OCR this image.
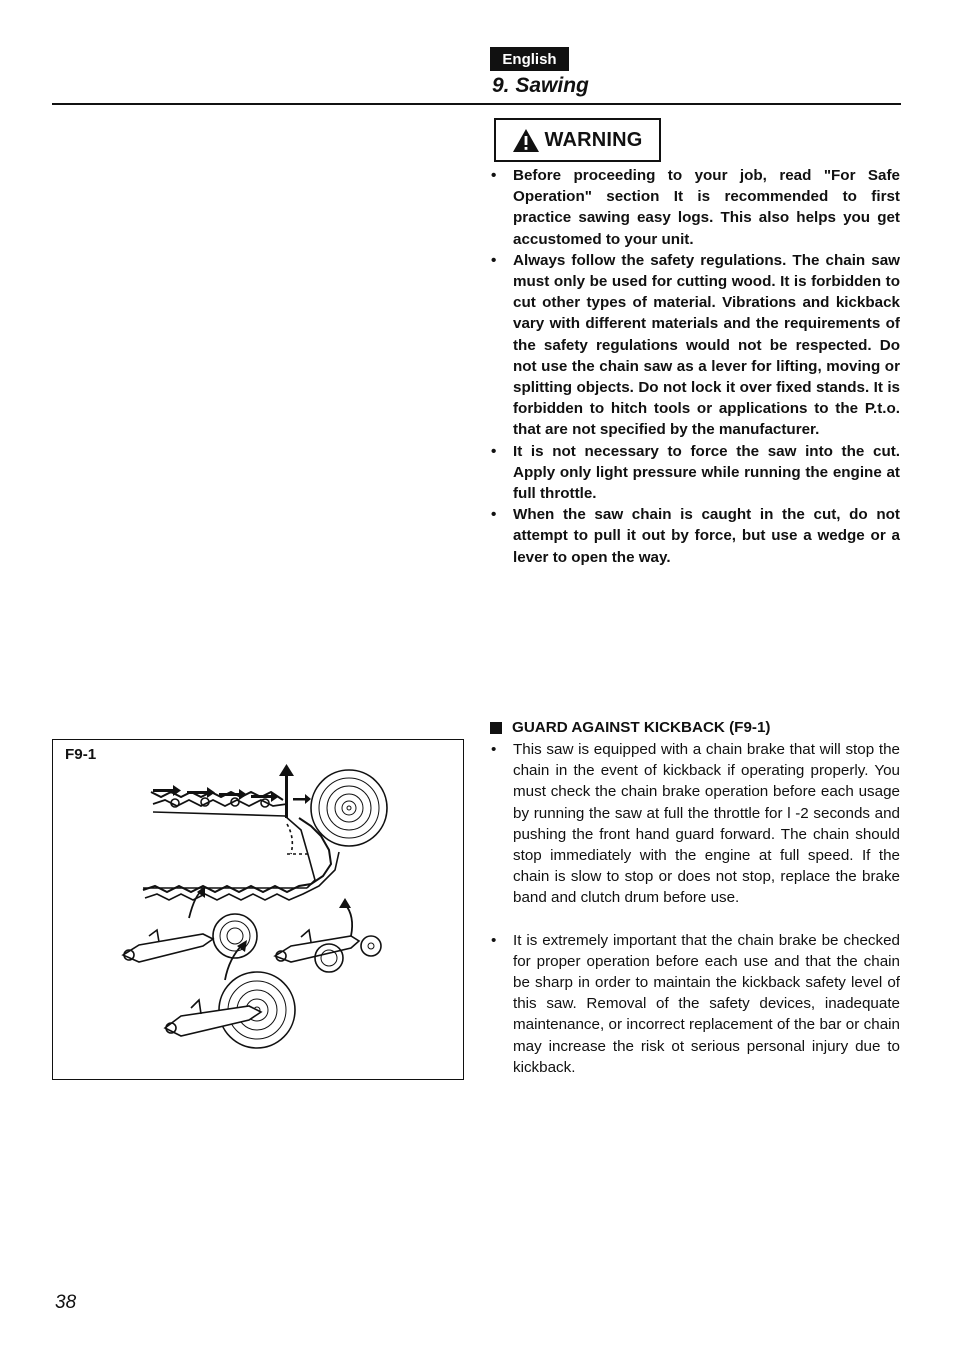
English
9. Sawing
WARNING
• Before proceeding to your job, read "For Safe Operation" section It is recommended to first practice sawing easy logs. This also helps you get accustomed to your unit.
• Always follow the safety regulations. The chain saw must only be used for cutting wood. It is forbidden to cut other types of material. Vibrations and kickback vary with different materials and the requirements of the safety regulations would not be respected. Do not use the chain saw as a lever for lifting, moving or splitting objects. Do not lock it over fixed stands. It is forbidden to hitch tools or applications to the P.t.o. that are not specified by the manufacturer.
• It is not necessary to force the saw into the cut. Apply only light pressure while running the engine at full throttle.
• When the saw chain is caught in the cut, do not attempt to pull it out by force, but use a wedge or a lever to open the way.
GUARD AGAINST KICKBACK (F9-1)
• This saw is equipped with a chain brake that will stop the chain in the event of kickback if operating properly. You must check the chain brake operation before each usage by running the saw at full the throttle for l -2 seconds and pushing the front hand guard forward. The chain should stop immediately with the engine at full speed. If the chain is slow to stop or does not stop, replace the brake band and clutch drum before use.
• It is extremely important that the chain brake be checked for proper operation before each use and that the chain be sharp in order to maintain the kickback safety level of this saw. Removal of the safety devices, inadequate maintenance, or incorrect replacement of the bar or chain may increase the risk ot serious personal injury due to kickback.
F9-1
38
